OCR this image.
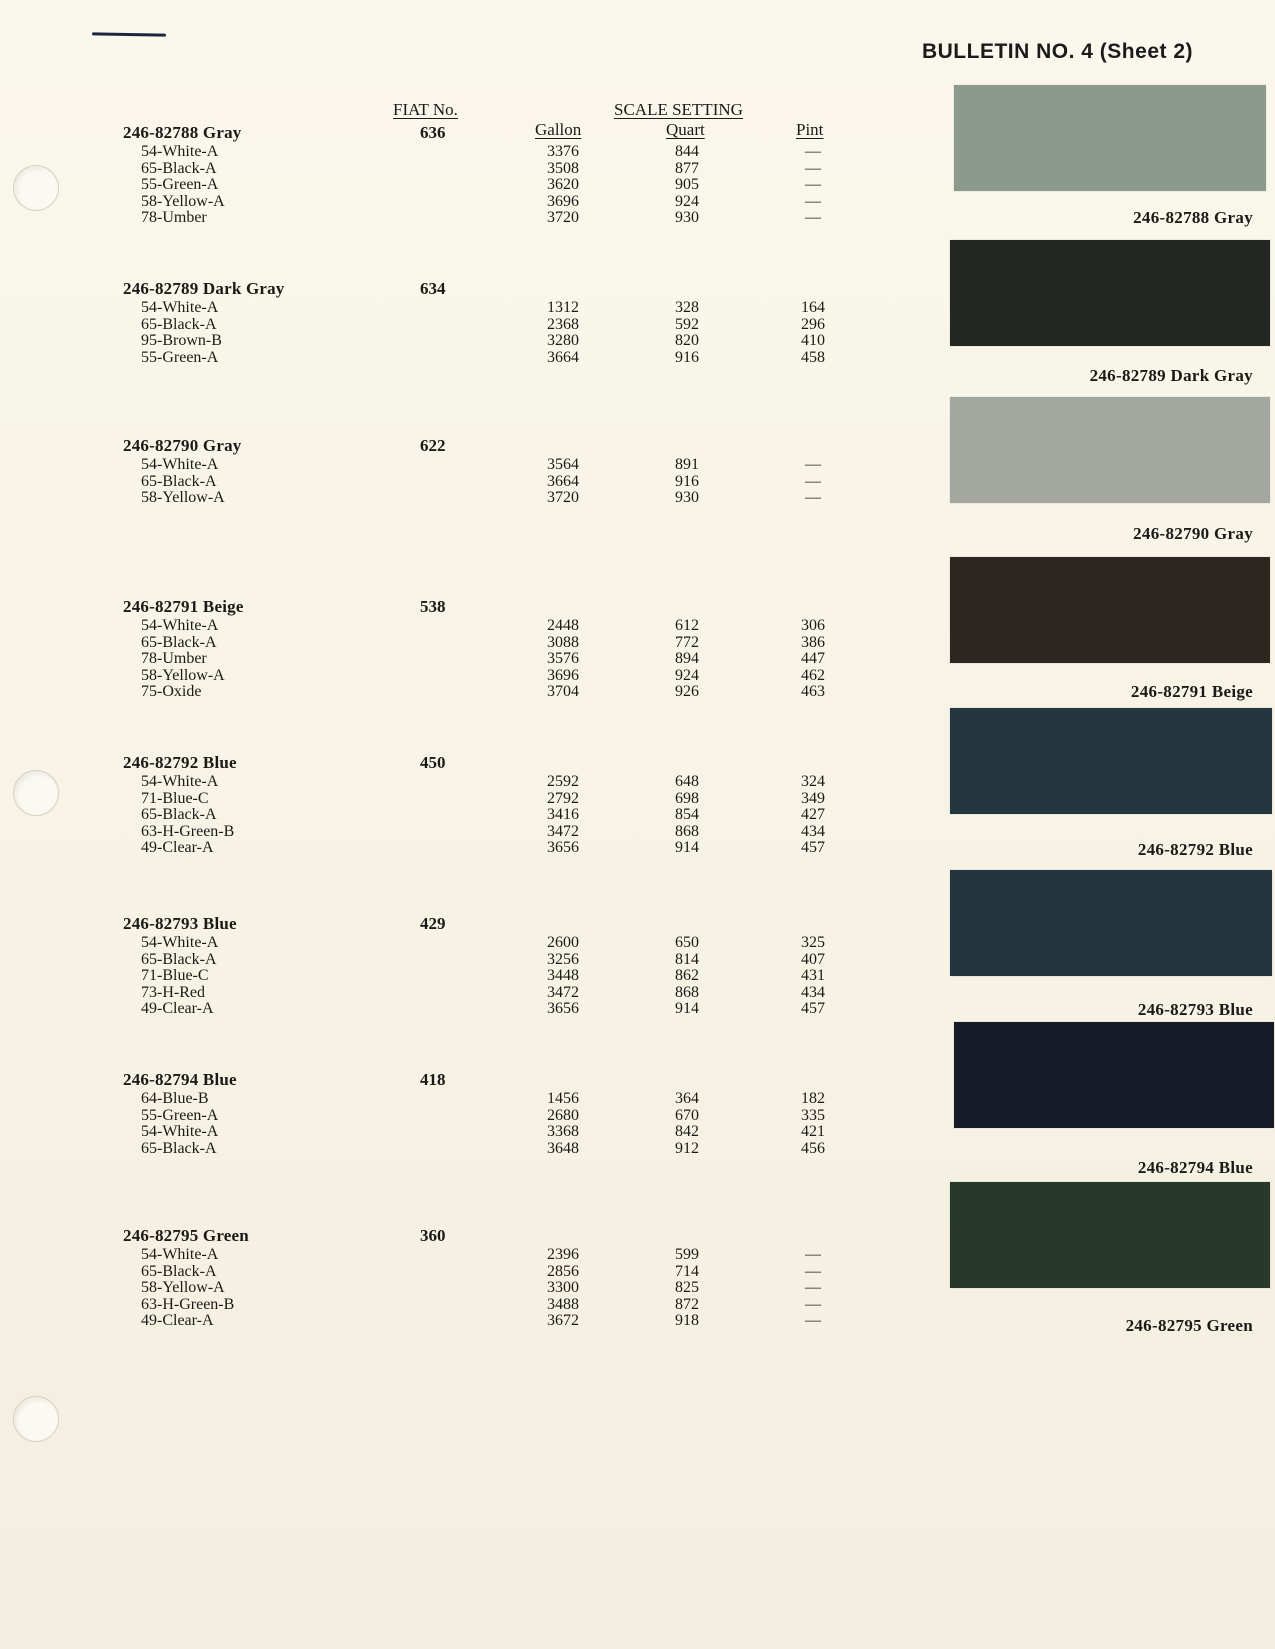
BULLETIN NO. 4 (Sheet 2)
FIAT No.	SCALE SETTING
Gallon	Quart	Pint
246-82788 Gray	636
54-White-A	3376	844	—
65-Black-A	3508	877	—
55-Green-A	3620	905	—
58-Yellow-A	3696	924	—
78-Umber	3720	930	—
246-82789 Dark Gray	634
54-White-A	1312	328	164
65-Black-A	2368	592	296
95-Brown-B	3280	820	410
55-Green-A	3664	916	458
246-82790 Gray	622
54-White-A	3564	891	—
65-Black-A	3664	916	—
58-Yellow-A	3720	930	—
246-82791 Beige	538
54-White-A	2448	612	306
65-Black-A	3088	772	386
78-Umber	3576	894	447
58-Yellow-A	3696	924	462
75-Oxide	3704	926	463
246-82792 Blue	450
54-White-A	2592	648	324
71-Blue-C	2792	698	349
65-Black-A	3416	854	427
63-H-Green-B	3472	868	434
49-Clear-A	3656	914	457
246-82793 Blue	429
54-White-A	2600	650	325
65-Black-A	3256	814	407
71-Blue-C	3448	862	431
73-H-Red	3472	868	434
49-Clear-A	3656	914	457
246-82794 Blue	418
64-Blue-B	1456	364	182
55-Green-A	2680	670	335
54-White-A	3368	842	421
65-Black-A	3648	912	456
246-82795 Green	360
54-White-A	2396	599	—
65-Black-A	2856	714	—
58-Yellow-A	3300	825	—
63-H-Green-B	3488	872	—
49-Clear-A	3672	918	—
246-82788 Gray
246-82789 Dark Gray
246-82790 Gray
246-82791 Beige
246-82792 Blue
246-82793 Blue
246-82794 Blue
246-82795 Green
